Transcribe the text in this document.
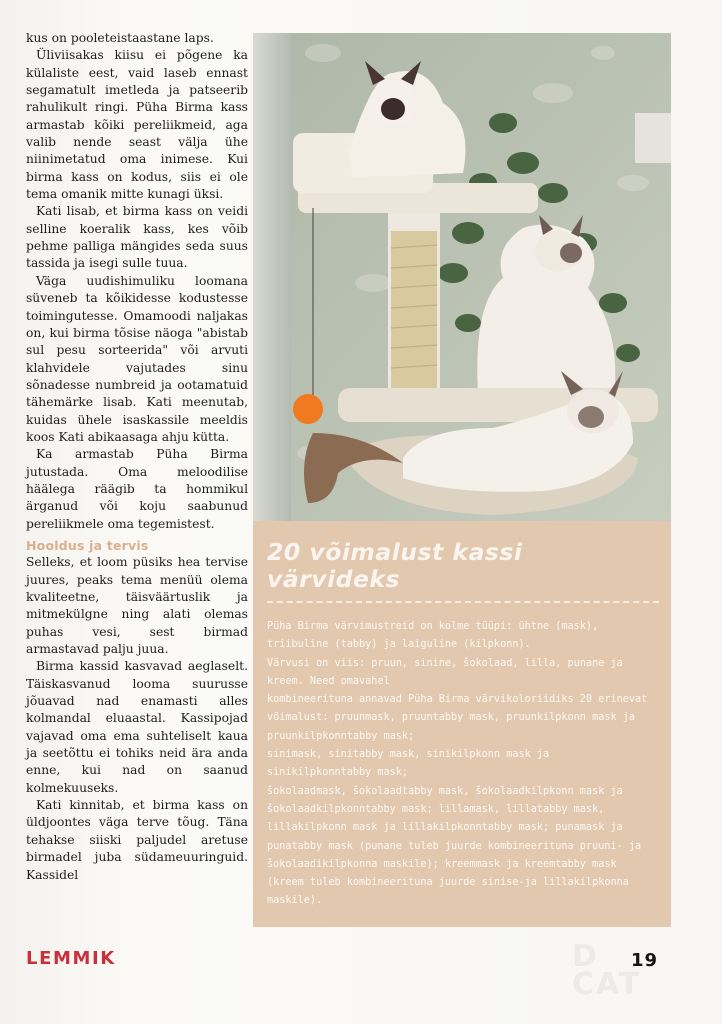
kus on pooleteistaastane laps.

Üliviisakas kiisu ei põgene ka külaliste eest, vaid laseb ennast segamatult imetleda ja patseerib rahulikult ringi. Püha Birma kass armastab kõiki pereliikmeid, aga valib nende seast välja ühe niinimetatud oma inimese. Kui birma kass on kodus, siis ei ole tema omanik mitte kunagi üksi.

Kati lisab, et birma kass on veidi selline koeralik kass, kes võib pehme palliga mängides seda suus tassida ja isegi sulle tuua.

Väga uudishimuliku loomana süveneb ta kõikidesse kodustesse toimingutesse. Omamoodi naljakas on, kui birma tõsise näoga "abistab sul pesu sorteerida" või arvuti klahvidele vajutades sinu sõnadesse numbreid ja ootamatuid tähemärke lisab. Kati meenutab, kuidas ühele isaskassile meeldis koos Kati abikaasaga ahju kütta.

Ka armastab Püha Birma jutustada. Oma meloodilise häälega räägib ta hommikul ärganud või koju saabunud pereliikmele oma tegemistest.

Hooldus ja tervis

Selleks, et loom püsiks hea tervise juures, peaks tema menüü olema kvaliteetne, täisväärtuslik ja mitmekülgne ning alati olemas puhas vesi, sest birmad armastavad palju juua.

Birma kassid kasvavad aeglaselt. Täiskasvanud looma suurusse jõuavad nad enamasti alles kolmandal eluaastal. Kassipojad vajavad oma ema suhteliselt kaua ja seetõttu ei tohiks neid ära anda enne, kui nad on saanud kolmekuuseks.

Kati kinnitab, et birma kass on üldjoontes väga terve tõug. Täna tehakse siiski paljudel aretuse birmadel juba südameuuringuid. Kassidel

20 võimalust kassi värvideks
Püha Birma värvimustreid on kolme tüüpi: ühtne (mask), triibuline (tabby) ja laiguline (kilpkonn).
Värvusi on viis: pruun, sinine, šokolaad, lilla, punane ja kreem. Need omavahel
kombineerituna annavad Püha Birma värvikoloriidiks 20 erinevat võimalust: pruunmask, pruuntabby mask, pruunkilpkonn mask ja pruunkilpkonntabby mask;
sinimask, sinitabby mask, sinikilpkonn mask ja sinikilpkonntabby mask;
šokolaadmask, šokolaadtabby mask, šokolaadkilpkonn mask ja šokolaadkilpkonntabby mask; lillamask, lillatabby mask, lillakilpkonn mask ja lillakilpkonntabby mask; punamask ja punatabby mask (punane tuleb juurde kombineerituna pruuni- ja šokolaadikilpkonna maskile); kreemmask ja kreemtabby mask (kreem tuleb kombineerituna juurde sinise-ja lillakilpkonna maskile).
D
CAT
LEMMIK	19
